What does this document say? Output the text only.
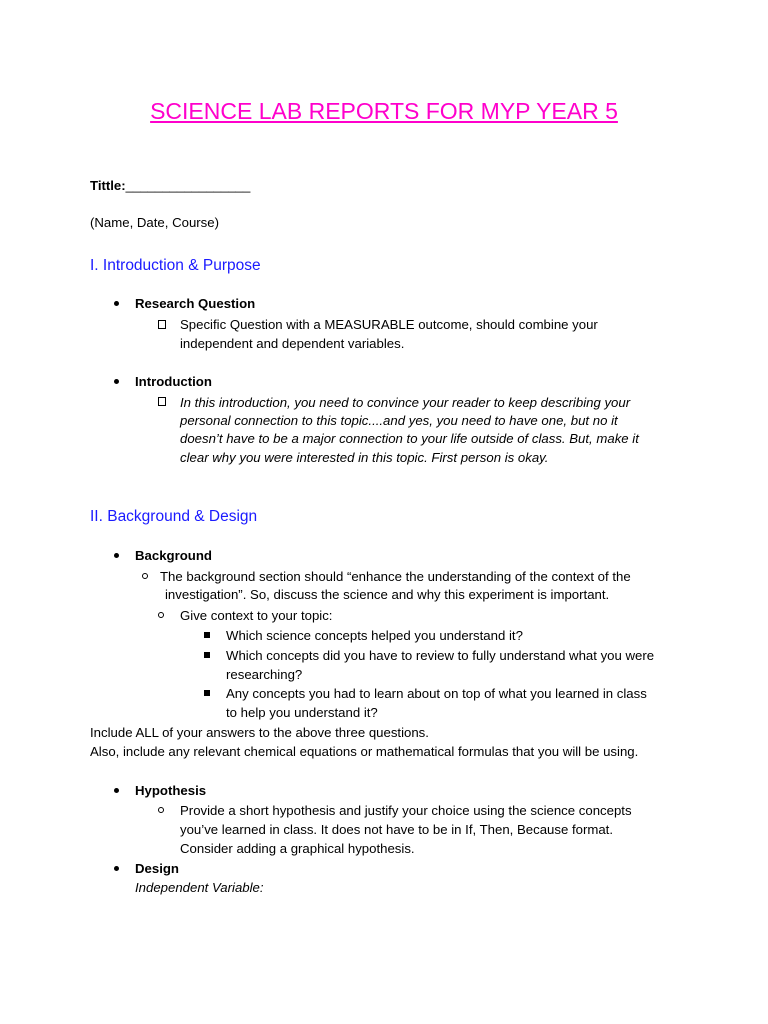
SCIENCE LAB REPORTS FOR MYP YEAR 5
Tittle:_________________
(Name, Date, Course)
I. Introduction & Purpose
Research Question
Specific Question with a MEASURABLE outcome, should combine your
independent and dependent variables.
Introduction
In this introduction, you need to convince your reader to keep describing your
personal connection to this topic....and yes, you need to have one, but no it
doesn’t have to be a major connection to your life outside of class. But, make it
clear why you were interested in this topic. First person is okay.
II. Background & Design
Background
The background section should “enhance the understanding of the context of the
investigation”. So, discuss the science and why this experiment is important.
Give context to your topic:
Which science concepts helped you understand it?
Which concepts did you have to review to fully understand what you were
researching?
Any concepts you had to learn about on top of what you learned in class
to help you understand it?
Include ALL of your answers to the above three questions.
Also, include any relevant chemical equations or mathematical formulas that you will be using.
Hypothesis
Provide a short hypothesis and justify your choice using the science concepts
you’ve learned in class. It does not have to be in If, Then, Because format.
Consider adding a graphical hypothesis.
Design
Independent Variable:
